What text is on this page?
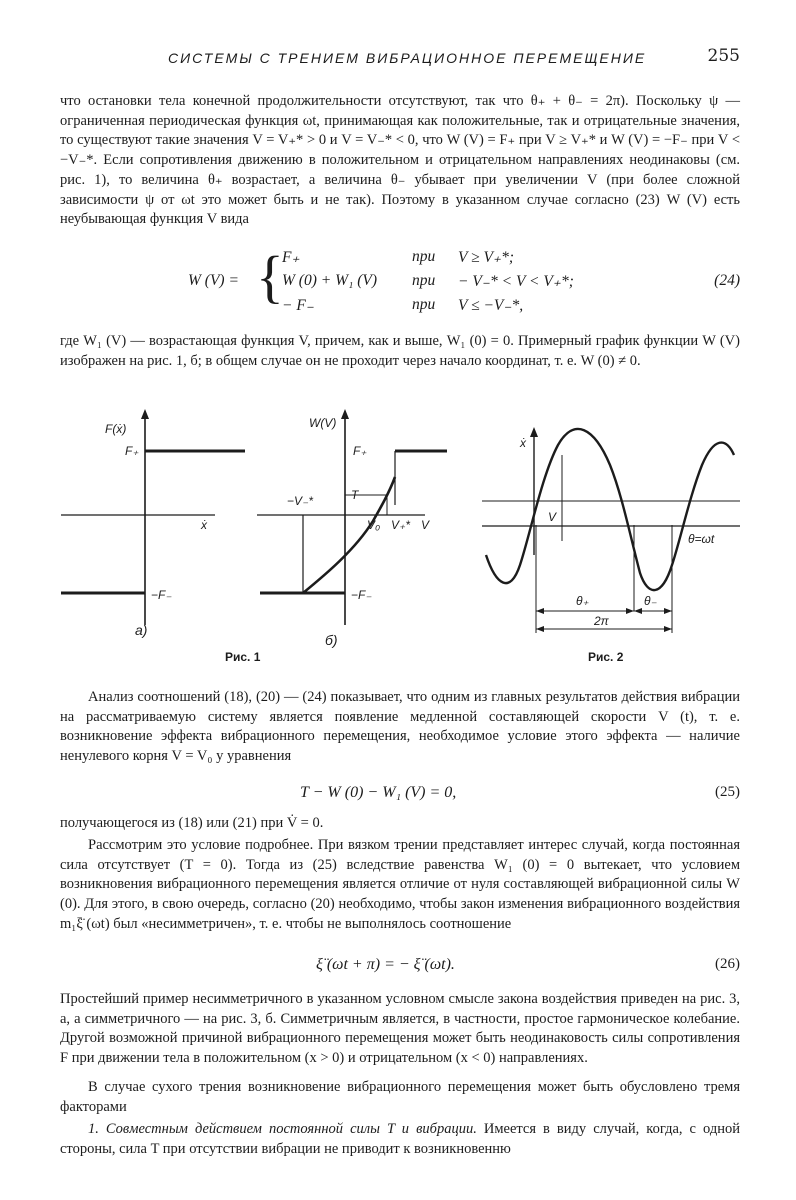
СИСТЕМЫ С ТРЕНИЕМ ВИБРАЦИОННОЕ ПЕРЕМЕЩЕНИЕ	255

что остановки тела конечной продолжительности отсутствуют, так что θ₊ + θ₋ = 2π). Поскольку ψ — ограниченная периодическая функция ωt, принимающая как положительные, так и отрицательные значения, то существуют такие значения V = V₊* > 0 и V = V₋* < 0, что W (V) = F₊ при V ≥ V₊* и W (V) = −F₋ при V < −V₋*. Если сопротивления движению в положительном и отрицательном направлениях неодинаковы (см. рис. 1), то величина θ₊ возрастает, а величина θ₋ убывает при увеличении V (при более сложной зависимости ψ от ωt это может быть и не так). Поэтому в указанном случае согласно (23) W (V) есть неубывающая функция V вида

W (V) = {
F₊	при V ≥ V₊*;
W (0) + W₁ (V) при − V₋* < V < V₊*;
− F₋	при V ≤ −V₋*,
(24)

где W₁ (V) — возрастающая функция V, причем, как и выше, W₁ (0) = 0. Примерный график функции W (V) изображен на рис. 1, б; в общем случае он не проходит через начало координат, т. е. W (0) ≠ 0.

F(ẋ)
ẋ
F₊
−F₋
а)
W(V)
V
F₊
T
−V₋*
V₀ V₊*
−F₋
б)
Рис. 1
ẋ
θ=ωt
V
θ₊	θ₋
2π
Рис. 2

Анализ соотношений (18), (20) — (24) показывает, что одним из главных результатов действия вибрации на рассматриваемую систему является появление медленной составляющей скорости V (t), т. е. возникновение эффекта вибрационного перемещения, необходимое условие этого эффекта — наличие ненулевого корня V = V₀ у уравнения

T − W (0) − W₁ (V) = 0,	(25)

получающегося из (18) или (21) при V̇ = 0.

Рассмотрим это условие подробнее. При вязком трении представляет интерес случай, когда постоянная сила отсутствует (T = 0). Тогда из (25) вследствие равенства W₁ (0) = 0 вытекает, что условием возникновения вибрационного перемещения является отличие от нуля составляющей вибрационной силы W (0). Для этого, в свою очередь, согласно (20) необходимо, чтобы закон изменения вибрационного воздействия m₁ξ̈ (ωt) был «несимметричен», т. е. чтобы не выполнялось соотношение

ξ̈ (ωt + π) = − ξ̈ (ωt).	(26)

Простейший пример несимметричного в указанном условном смысле закона воздействия приведен на рис. 3, а, а симметричного — на рис. 3, б. Симметричным является, в частности, простое гармоническое колебание. Другой возможной причиной вибрационного перемещения может быть неодинаковость силы сопротивления F при движении тела в положительном (x > 0) и отрицательном (x < 0) направлениях.

В случае сухого трения возникновение вибрационного перемещения может быть обусловлено тремя факторами

1. Совместным действием постоянной силы T и вибрации. Имеется в виду случай, когда, с одной стороны, сила T при отсутствии вибрации не приводит к возникновенню
